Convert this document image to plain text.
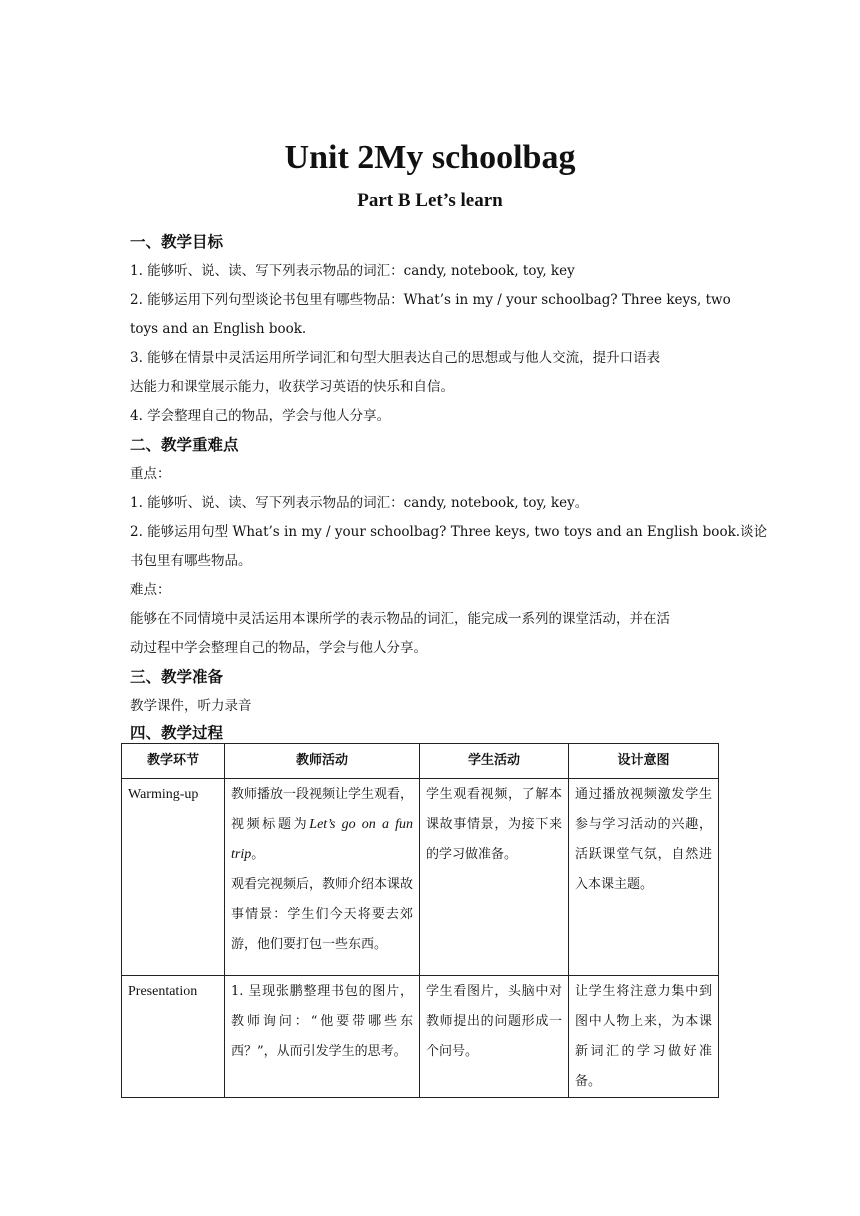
Unit 2My schoolbag
Part B Let’s learn
一、教学目标
1. 能够听、说、读、写下列表示物品的词汇：candy, notebook, toy, key
2. 能够运用下列句型谈论书包里有哪些物品：What’s in my / your schoolbag? Three keys, two
toys and an English book.
3. 能够在情景中灵活运用所学词汇和句型大胆表达自己的思想或与他人交流，提升口语表
达能力和课堂展示能力，收获学习英语的快乐和自信。
4. 学会整理自己的物品，学会与他人分享。
二、教学重难点
重点：
1. 能够听、说、读、写下列表示物品的词汇：candy, notebook, toy, key。
2. 能够运用句型 What’s in my / your schoolbag? Three keys, two toys and an English book.谈论
书包里有哪些物品。
难点：
能够在不同情境中灵活运用本课所学的表示物品的词汇，能完成一系列的课堂活动，并在活
动过程中学会整理自己的物品，学会与他人分享。
三、教学准备
教学课件，听力录音
四、教学过程
教学环节	教师活动	学生活动	设计意图
Warming-up	教师播放一段视频让学生观看，视频标题为Let’s go on a fun trip。

观看完视频后，教师介绍本课故事情景：学生们今天将要去郊游，他们要打包一些东西。	学生观看视频，了解本课故事情景，为接下来的学习做准备。	通过播放视频激发学生参与学习活动的兴趣，活跃课堂气氛，自然进入本课主题。

Presentation	1. 呈现张鹏整理书包的图片，教师询问：“他要带哪些东西？”，从而引发学生的思考。	学生看图片，头脑中对教师提出的问题形成一个问号。	让学生将注意力集中到图中人物上来，为本课新词汇的学习做好准备。
